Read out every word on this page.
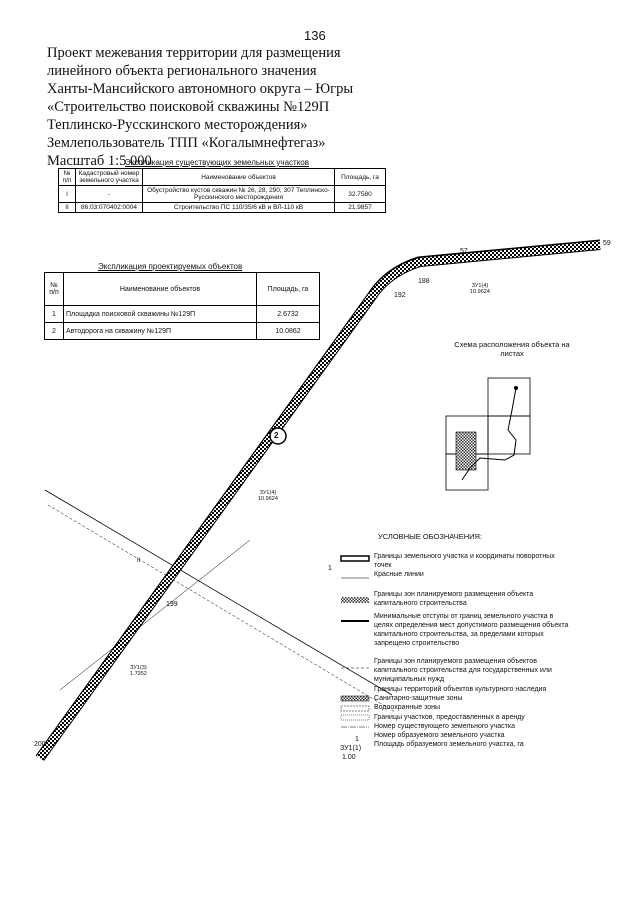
136
Проект межевания территории для размещения
линейного объекта регионального значения
Ханты-Мансийского автономного округа – Югры
«Строительство поисковой скважины №129П
Теплинско-Русскинского месторождения»
Землепользователь ТПП «Когалымнефтегаз»
Масштаб 1:5 000
Экспликация существующих земельных участков
№ п/п	Кадастровый номер земельного участка	Наименование объектов	Площадь, га
I	-	Обустройство кустов скважин № 26, 28, 290, 307 Теплинско-Русскинского месторождения	32.7580
II	86:03:070402:0004	Строительство ПС 110/35/6 кВ и ВЛ-110 кВ	21.9857
Экспликация проектируемых объектов
№ п/п	Наименование объектов	Площадь, га
1	Площадка поисковой скважины №129П	2.6732
2	Автодорога на скважину №129П	10.0862
Схема расположения объекта на листах
2
59
57
188
192
199
200
II
ЗУ1(4)
10.9624
ЗУ1(4)
10.9624
ЗУ1(3)
1.7352
УСЛОВНЫЕ ОБОЗНАЧЕНИЯ:
1
Границы земельного участка и координаты поворотных точек
Красные линии
Границы зон планируемого размещения объекта капитального строительства
Минимальные отступы от границ земельного участка в целях определения мест допустимого размещения объекта капитального строительства, за пределами которых запрещено строительство
Границы зон планируемого размещения объектов капитального строительства для государственных или муниципальных нужд
Границы территорий объектов культурного наследия
Санитарно-защитные зоны
Водоохранные зоны
Границы участков, предоставленных в аренду
Номер существующего земельного участка
Номер образуемого земельного участка
Площадь образуемого земельного участка, га
1
ЗУ1(1)
1.00
